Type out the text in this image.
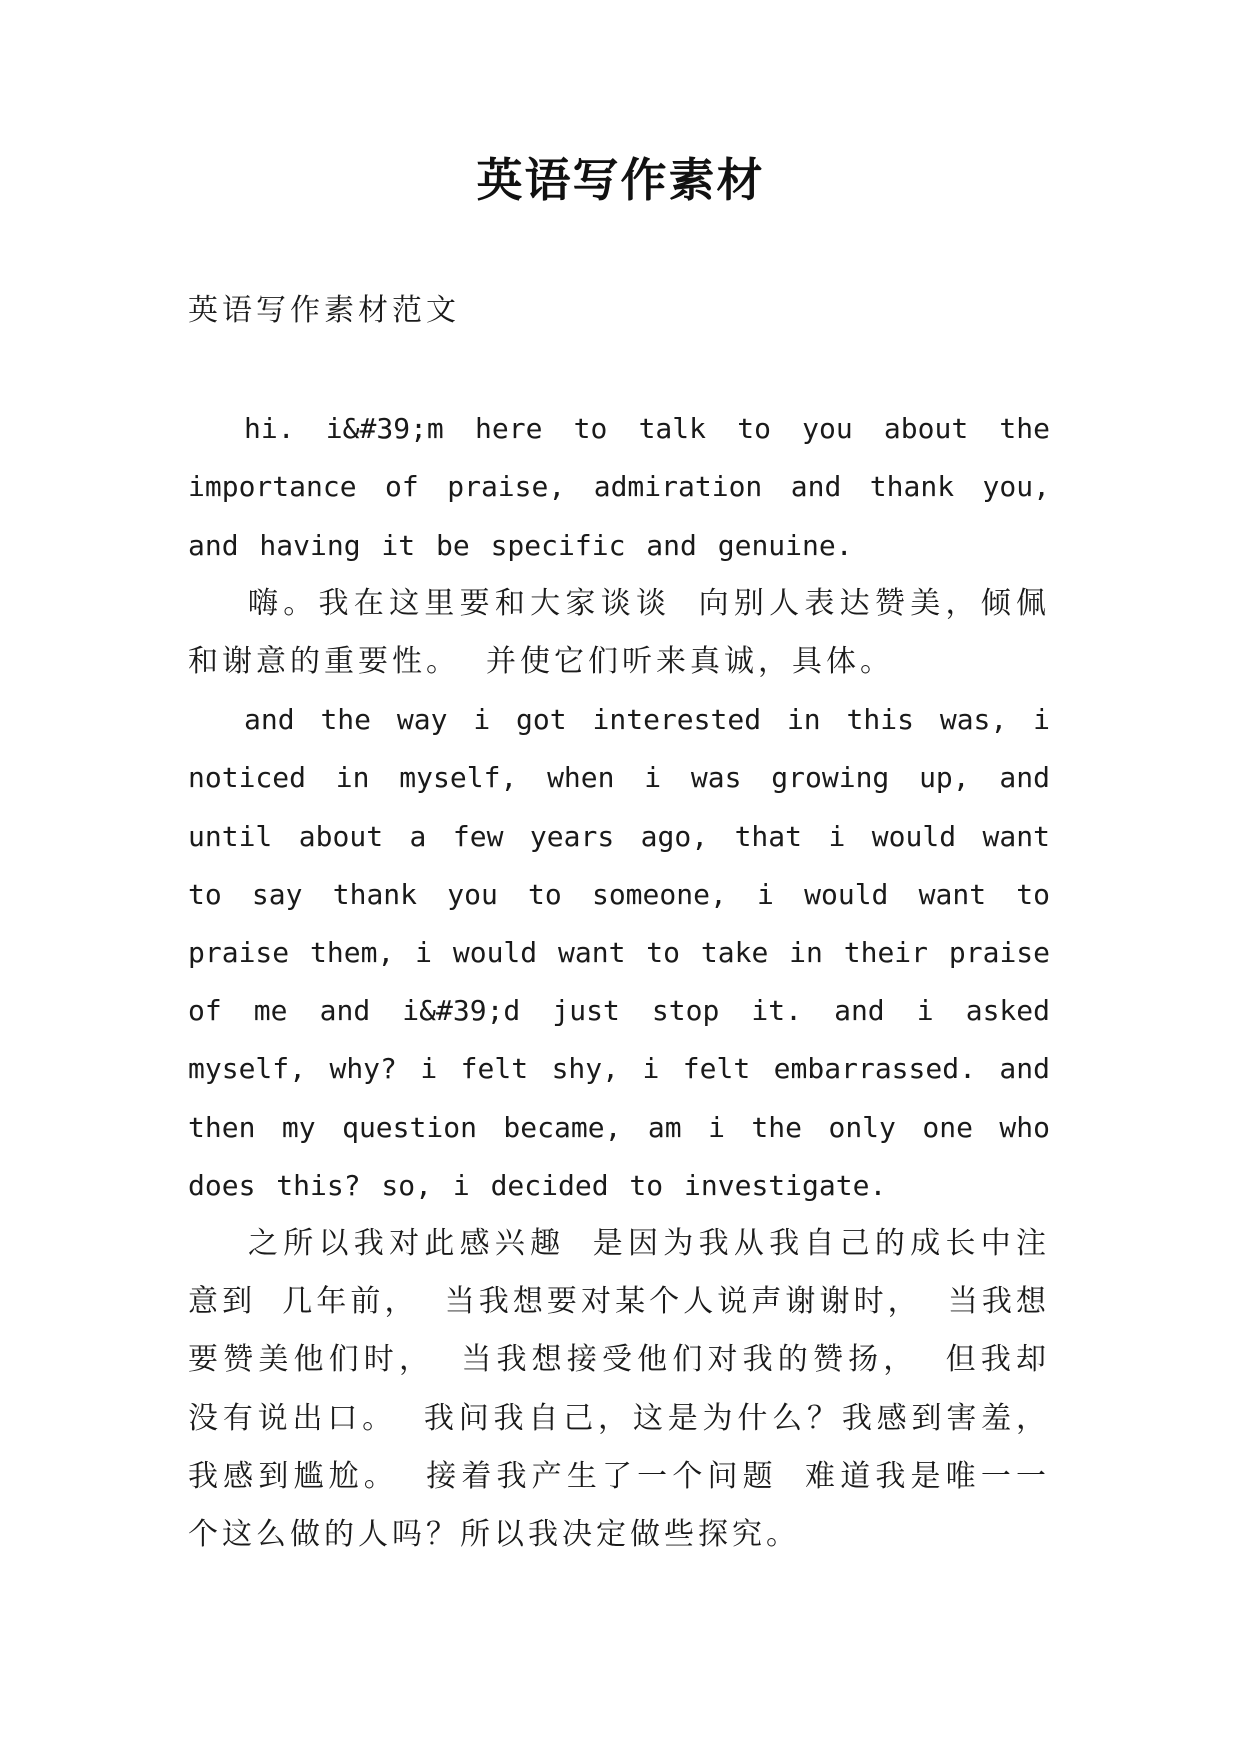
英语写作素材

英语写作素材范文

hi. i&#39;m here to talk to you about the importance of praise, admiration and thank you, and having it be specific and genuine.

嗨。我在这里要和大家谈谈 向别人表达赞美，倾佩和谢意的重要性。 并使它们听来真诚，具体。

and the way i got interested in this was, i noticed in myself, when i was growing up, and until about a few years ago, that i would want to say thank you to someone, i would want to praise them, i would want to take in their praise of me and i&#39;d just stop it. and i asked myself, why? i felt shy, i felt embarrassed. and then my question became, am i the only one who does this? so, i decided to investigate.

之所以我对此感兴趣 是因为我从我自己的成长中注意到 几年前， 当我想要对某个人说声谢谢时， 当我想要赞美他们时， 当我想接受他们对我的赞扬， 但我却没有说出口。 我问我自己，这是为什么？我感到害羞，我感到尴尬。 接着我产生了一个问题 难道我是唯一一个这么做的人吗？所以我决定做些探究。
